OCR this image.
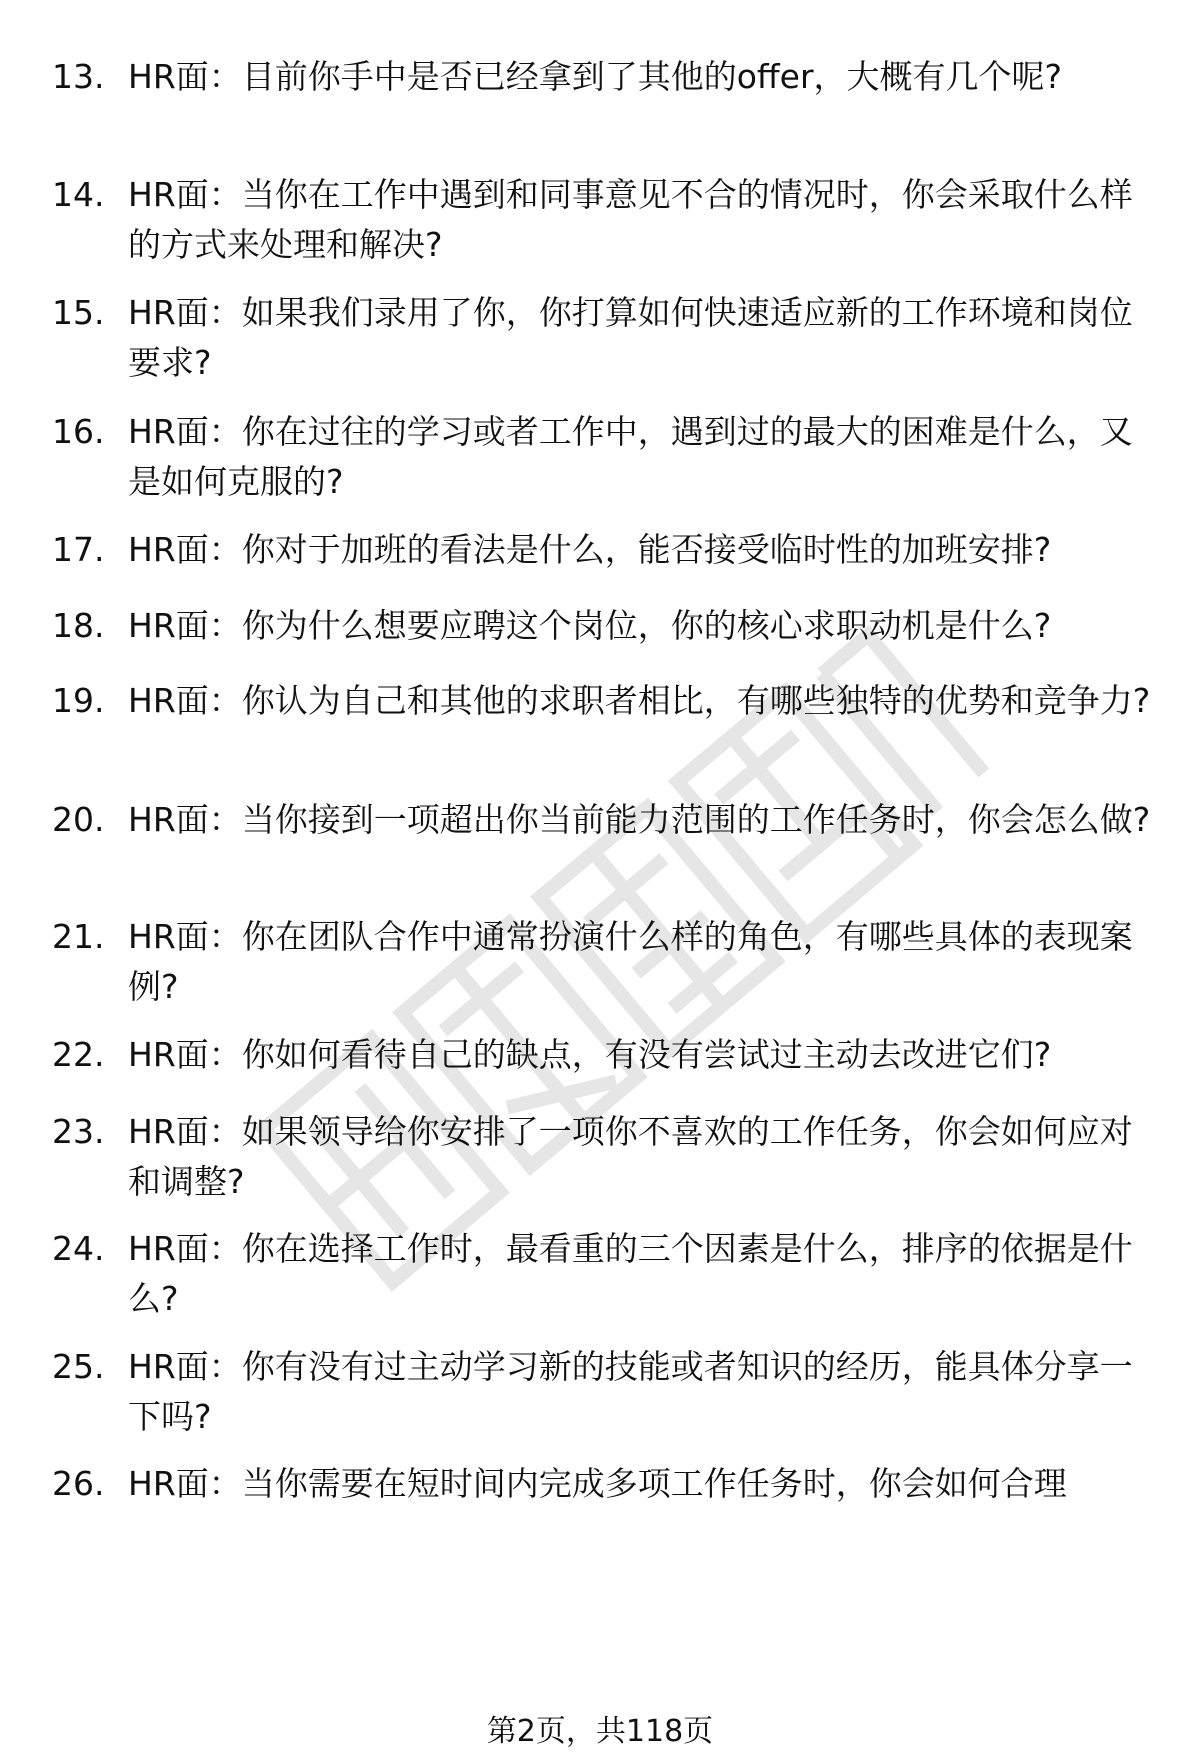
13. HR面：目前你手中是否已经拿到了其他的offer，大概有几个呢?
14. HR面：当你在工作中遇到和同事意见不合的情况时，你会采取什么样的方式来处理和解决?
15. HR面：如果我们录用了你，你打算如何快速适应新的工作环境和岗位要求?
16. HR面：你在过往的学习或者工作中，遇到过的最大的困难是什么，又是如何克服的?
17. HR面：你对于加班的看法是什么，能否接受临时性的加班安排?
18. HR面：你为什么想要应聘这个岗位，你的核心求职动机是什么?
19. HR面：你认为自己和其他的求职者相比，有哪些独特的优势和竞争力?
20. HR面：当你接到一项超出你当前能力范围的工作任务时，你会怎么做?
21. HR面：你在团队合作中通常扮演什么样的角色，有哪些具体的表现案例?
22. HR面：你如何看待自己的缺点，有没有尝试过主动去改进它们?
23. HR面：如果领导给你安排了一项你不喜欢的工作任务，你会如何应对和调整?
24. HR面：你在选择工作时，最看重的三个因素是什么，排序的依据是什么?
25. HR面：你有没有过主动学习新的技能或者知识的经历，能具体分享一下吗?
26. HR面：当你需要在短时间内完成多项工作任务时，你会如何合理
第2页，共118页
